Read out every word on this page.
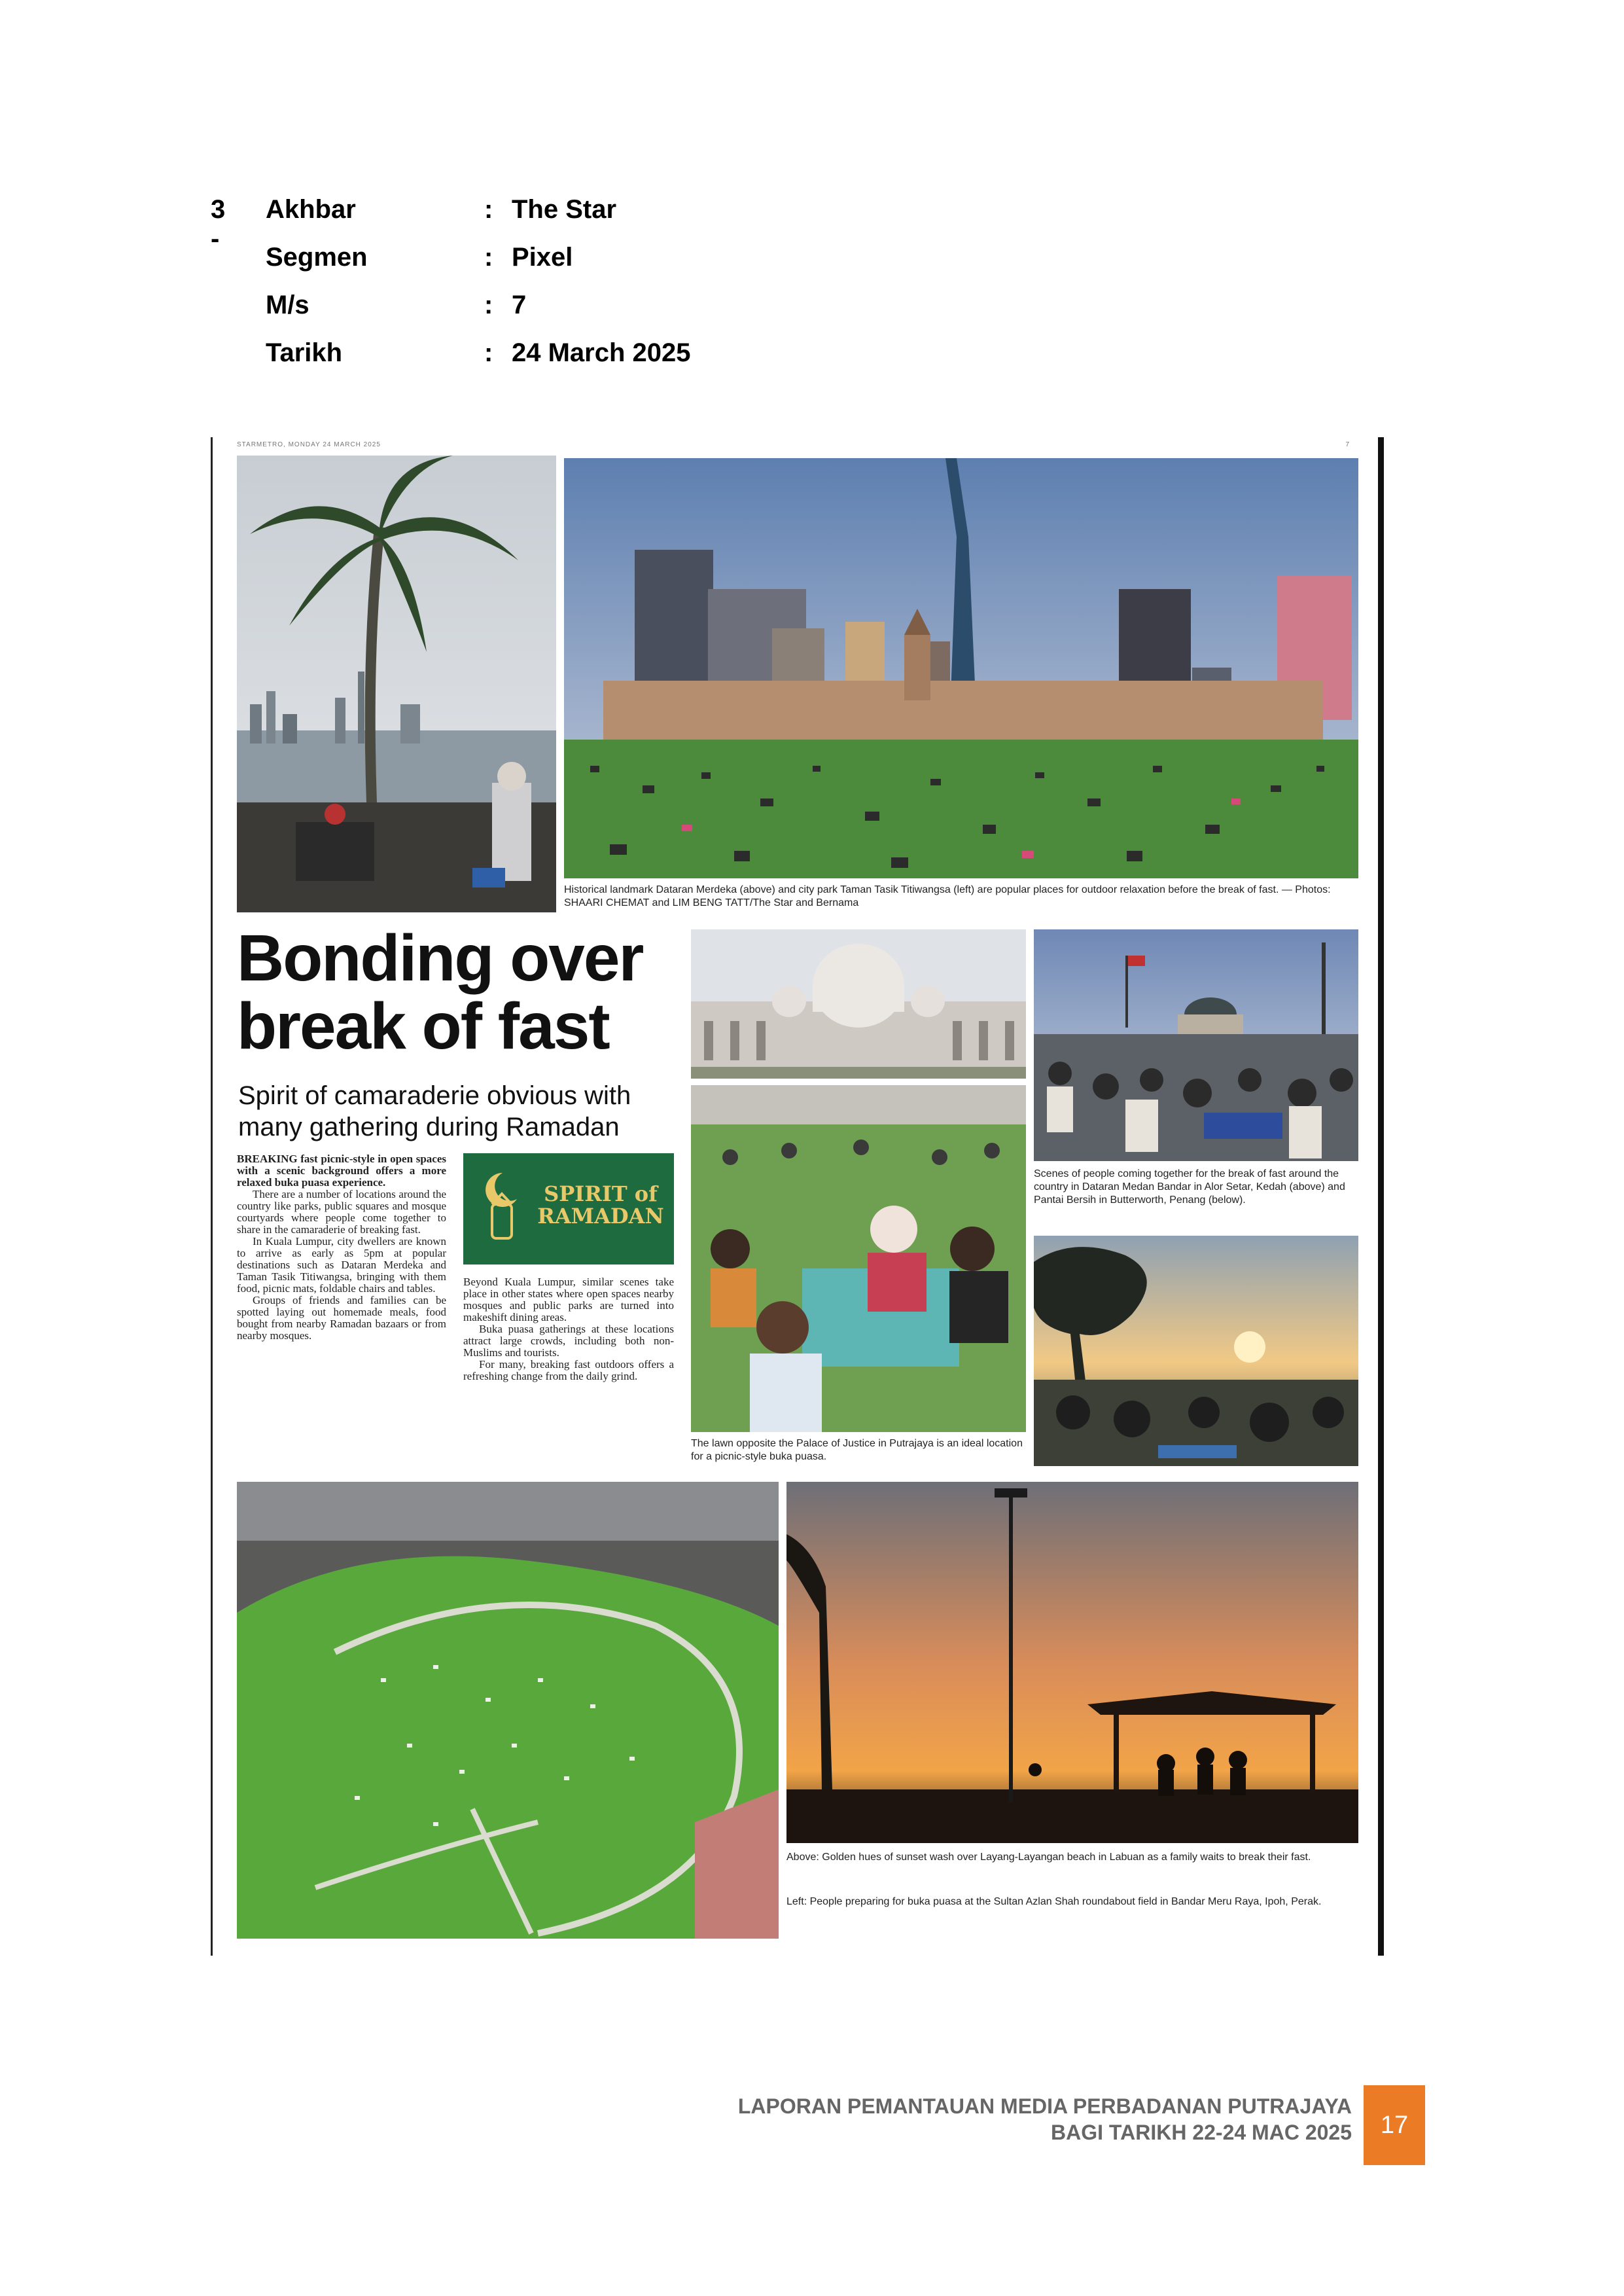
3 -
Akhbar	: The Star
Segmen	: Pixel
M/s	: 7
Tarikh	: 24 March 2025
STARMETRO, MONDAY 24 MARCH 2025	7
Historical landmark Dataran Merdeka (above) and city park Taman Tasik Titiwangsa (left) are popular places for outdoor relaxation before the break of fast. — Photos: SHAARI CHEMAT and LIM BENG TATT/The Star and Bernama
Bonding over break of fast
Spirit of camaraderie obvious with many gathering during Ramadan

BREAKING fast picnic-style in open spaces with a scenic background offers a more relaxed buka puasa experience.

There are a number of locations around the country like parks, public squares and mosque courtyards where people come together to share in the camaraderie of breaking fast.

In Kuala Lumpur, city dwellers are known to arrive as early as 5pm at popular destinations such as Dataran Merdeka and Taman Tasik Titiwangsa, bringing with them food, picnic mats, foldable chairs and tables.

Groups of friends and families can be spotted laying out homemade meals, food bought from nearby Ramadan bazaars or from nearby mosques.

SPIRIT of RAMADAN

Beyond Kuala Lumpur, similar scenes take place in other states where open spaces nearby mosques and public parks are turned into makeshift dining areas.

Buka puasa gatherings at these locations attract large crowds, including both non-Muslims and tourists.

For many, breaking fast outdoors offers a refreshing change from the daily grind.

The lawn opposite the Palace of Justice in Putrajaya is an ideal location for a picnic-style buka puasa.
Scenes of people coming together for the break of fast around the country in Dataran Medan Bandar in Alor Setar, Kedah (above) and Pantai Bersih in Butterworth, Penang (below).
Above: Golden hues of sunset wash over Layang-Layangan beach in Labuan as a family waits to break their fast.
Left: People preparing for buka puasa at the Sultan Azlan Shah roundabout field in Bandar Meru Raya, Ipoh, Perak.
LAPORAN PEMANTAUAN MEDIA PERBADANAN PUTRAJAYA
BAGI TARIKH 22-24 MAC 2025	17
